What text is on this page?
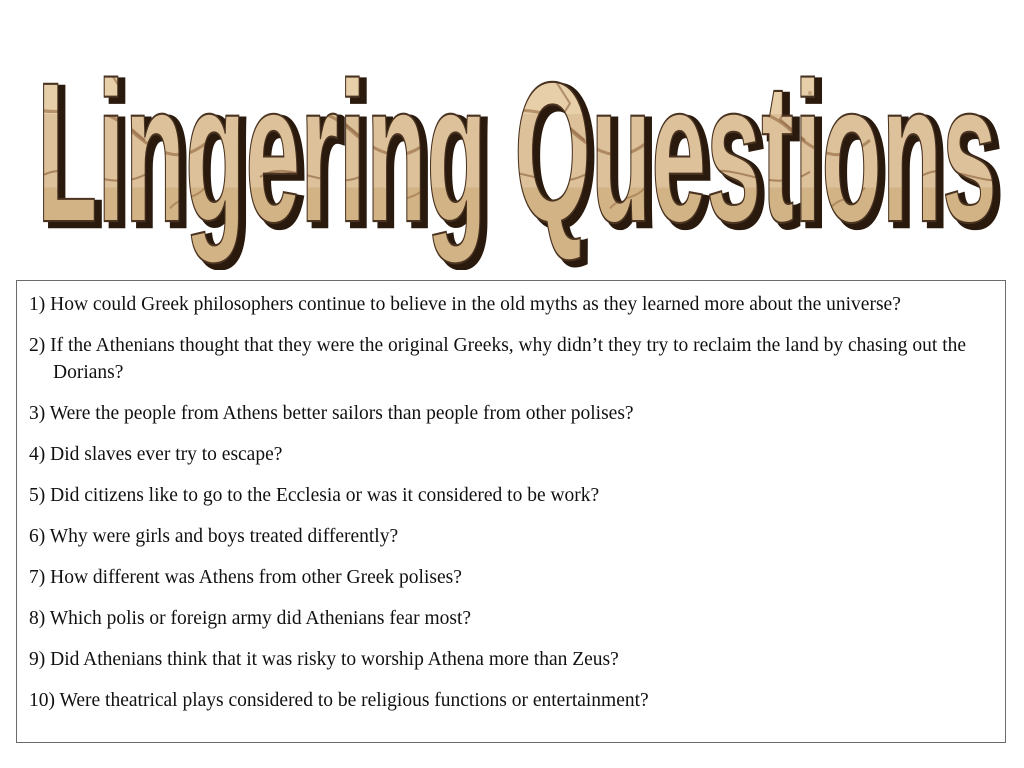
Lingering Questions
Lingering Questions
1) How could Greek philosophers continue to believe in the old myths as they learned more about the universe?
2) If the Athenians thought that they were the original Greeks, why didn’t they try to reclaim the land by chasing out the Dorians?
3) Were the people from Athens better sailors than people from other polises?
4) Did slaves ever try to escape?
5) Did citizens like to go to the Ecclesia or was it considered to be work?
6) Why were girls and boys treated differently?
7) How different was Athens from other Greek polises?
8) Which polis or foreign army did Athenians fear most?
9) Did Athenians think that it was risky to worship Athena more than Zeus?
10) Were theatrical plays considered to be religious functions or entertainment?
